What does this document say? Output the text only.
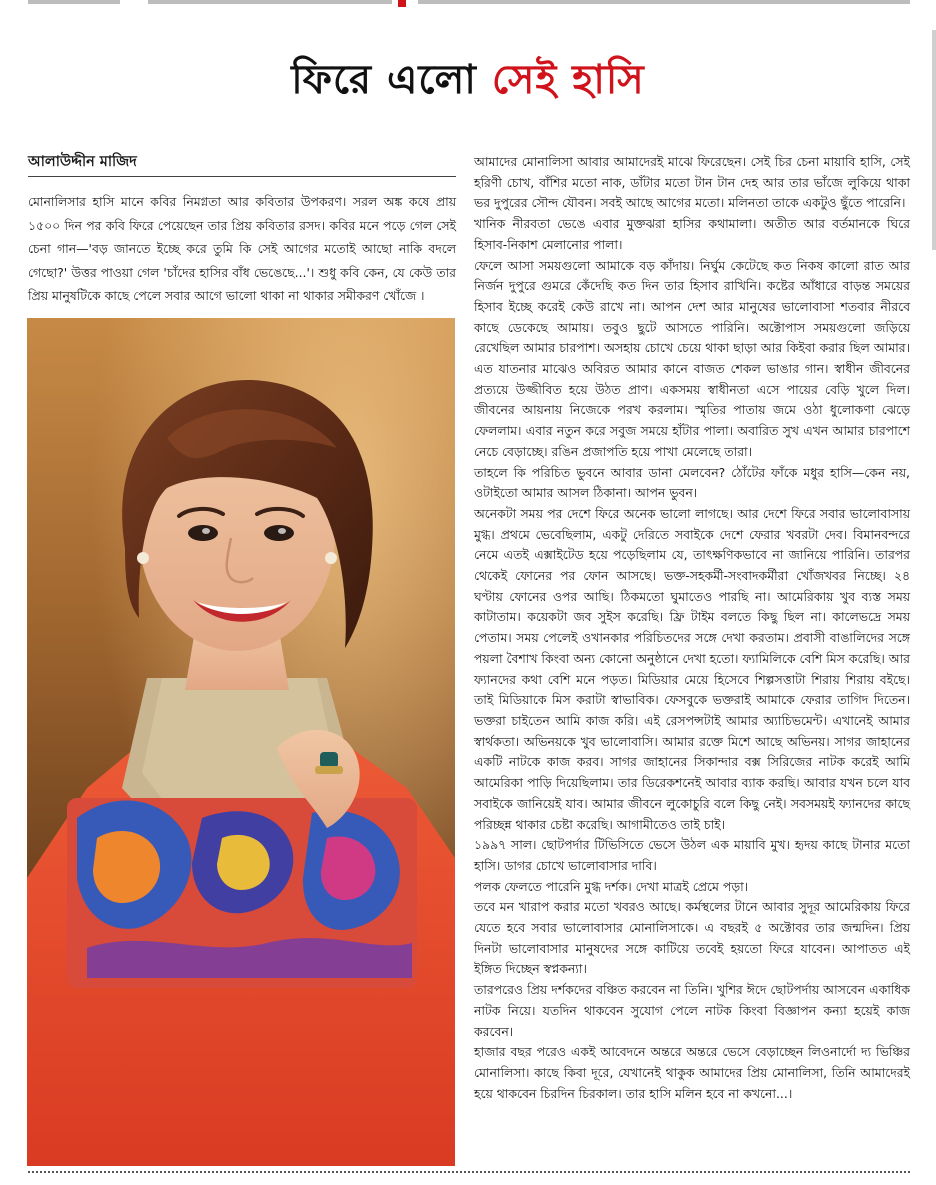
ফিরে এলো সেই হাসি
আলাউদ্দীন মাজিদ
মোনালিসার হাসি মানে কবির নিমগ্নতা আর কবিতার উপকরণ। সরল অঙ্ক কষে প্রায় ১৫০০ দিন পর কবি ফিরে পেয়েছেন তার প্রিয় কবিতার রসদ। কবির মনে পড়ে গেল সেই চেনা গান—'বড় জানতে ইচ্ছে করে তুমি কি সেই আগের মতোই আছো নাকি বদলে গেছো?' উত্তর পাওয়া গেল 'চাঁদের হাসির বাঁধ ভেঙেছে...'। শুধু কবি কেন, যে কেউ তার প্রিয় মানুষটিকে কাছে পেলে সবার আগে ভালো থাকা না থাকার সমীকরণ খোঁজে ।

আমাদের মোনালিসা আবার আমাদেরই মাঝে ফিরেছেন। সেই চির চেনা মায়াবি হাসি, সেই হরিণী চোখ, বাঁশির মতো নাক, ডাঁটার মতো টান টান দেহ আর তার ভাঁজে লুকিয়ে থাকা ভর দুপুরের সৌন্দ যৌবন। সবই আছে আগের মতো। মলিনতা তাকে একটুও ছুঁতে পারেনি।

খানিক নীরবতা ভেঙে এবার মুক্তঝরা হাসির কথামালা। অতীত আর বর্তমানকে ঘিরে হিসাব-নিকাশ মেলানোর পালা।

ফেলে আসা সময়গুলো আমাকে বড় কাঁদায়। নির্ঘুম কেটেছে কত নিকষ কালো রাত আর নির্জন দুপুরে গুমরে কেঁদেছি কত দিন তার হিসাব রাখিনি। কষ্টের আঁধারে বাড়ন্ত সময়ের হিসাব ইচ্ছে করেই কেউ রাখে না। আপন দেশ আর মানুষের ভালোবাসা শতবার নীরবে কাছে ডেকেছে আমায়। তবুও ছুটে আসতে পারিনি। অক্টোপাস সময়গুলো জড়িয়ে রেখেছিল আমার চারপাশ। অসহায় চোখে চেয়ে থাকা ছাড়া আর কিইবা করার ছিল আমার। এত যাতনার মাঝেও অবিরত আমার কানে বাজত শেকল ভাঙার গান। স্বাধীন জীবনের প্রত্যয়ে উজ্জীবিত হয়ে উঠত প্রাণ। একসময় স্বাধীনতা এসে পায়ের বেড়ি খুলে দিল। জীবনের আয়নায় নিজেকে পরখ করলাম। স্মৃতির পাতায় জমে ওঠা ধুলোকণা ঝেড়ে ফেললাম। এবার নতুন করে সবুজ সময়ে হাঁটার পালা। অবারিত সুখ এখন আমার চারপাশে নেচে বেড়াচ্ছে। রঙিন প্রজাপতি হয়ে পাখা মেলেছে তারা।

তাহলে কি পরিচিত ভুবনে আবার ডানা মেলবেন? ঠোঁটের ফাঁকে মধুর হাসি—কেন নয়, ওটাইতো আমার আসল ঠিকানা। আপন ভুবন।

অনেকটা সময় পর দেশে ফিরে অনেক ভালো লাগছে। আর দেশে ফিরে সবার ভালোবাসায় মুগ্ধ। প্রথমে ভেবেছিলাম, একটু দেরিতে সবাইকে দেশে ফেরার খবরটা দেব। বিমানবন্দরে নেমে এতই এক্সাইটেড হয়ে পড়েছিলাম যে, তাৎক্ষণিকভাবে না জানিয়ে পারিনি। তারপর থেকেই ফোনের পর ফোন আসছে। ভক্ত-সহকর্মী-সংবাদকর্মীরা খোঁজখবর নিচ্ছে। ২৪ ঘণ্টায় ফোনের ওপর আছি। ঠিকমতো ঘুমাতেও পারছি না। আমেরিকায় খুব ব্যস্ত সময় কাটাতাম। কয়েকটা জব সুইস করেছি। ফ্রি টাইম বলতে কিছু ছিল না। কালেভদ্রে সময় পেতাম। সময় পেলেই ওখানকার পরিচিতদের সঙ্গে দেখা করতাম। প্রবাসী বাঙালিদের সঙ্গে পয়লা বৈশাখ কিংবা অন্য কোনো অনুষ্ঠানে দেখা হতো। ফ্যামিলিকে বেশি মিস করেছি। আর ফ্যানদের কথা বেশি মনে পড়ত। মিডিয়ার মেয়ে হিসেবে শিল্পসত্তাটা শিরায় শিরায় বইছে। তাই মিডিয়াকে মিস করাটা স্বাভাবিক। ফেসবুকে ভক্তরাই আমাকে ফেরার তাগিদ দিতেন। ভক্তরা চাইতেন আমি কাজ করি। এই রেসপন্সটাই আমার অ্যাচিভমেন্ট। এখানেই আমার স্বার্থকতা। অভিনয়কে খুব ভালোবাসি। আমার রক্তে মিশে আছে অভিনয়। সাগর জাহানের একটি নাটকে কাজ করব। সাগর জাহানের সিকান্দার বক্স সিরিজের নাটক করেই আমি আমেরিকা পাড়ি দিয়েছিলাম। তার ডিরেকশনেই আবার ব্যাক করছি। আবার যখন চলে যাব সবাইকে জানিয়েই যাব। আমার জীবনে লুকোচুরি বলে কিছু নেই। সবসময়ই ফ্যানদের কাছে পরিচ্ছন্ন থাকার চেষ্টা করেছি। আগামীতেও তাই চাই।

১৯৯৭ সাল। ছোটপর্দার টিভিসিতে ভেসে উঠল এক মায়াবি মুখ। হৃদয় কাছে টানার মতো হাসি। ডাগর চোখে ভালোবাসার দাবি।

পলক ফেলতে পারেনি মুগ্ধ দর্শক। দেখা মাত্রই প্রেমে পড়া।

তবে মন খারাপ করার মতো খবরও আছে। কর্মস্থলের টানে আবার সুদূর আমেরিকায় ফিরে যেতে হবে সবার ভালোবাসার মোনালিসাকে। এ বছরই ৫ অক্টোবর তার জন্মদিন। প্রিয় দিনটা ভালোবাসার মানুষদের সঙ্গে কাটিয়ে তবেই হয়তো ফিরে যাবেন। আপাতত এই ইঙ্গিত দিচ্ছেন স্বপ্নকন্যা।

তারপরেও প্রিয় দর্শকদের বঞ্চিত করবেন না তিনি। খুশির ঈদে ছোটপর্দায় আসবেন একাধিক নাটক নিয়ে। যতদিন থাকবেন সুযোগ পেলে নাটক কিংবা বিজ্ঞাপন কন্যা হয়েই কাজ করবেন।

হাজার বছর পরেও একই আবেদনে অন্তরে অন্তরে ভেসে বেড়াচ্ছেন লিওনার্দো দ্য ভিঞ্চির মোনালিসা। কাছে কিবা দূরে, যেখানেই থাকুক আমাদের প্রিয় মোনালিসা, তিনি আমাদেরই হয়ে থাকবেন চিরদিন চিরকাল। তার হাসি মলিন হবে না কখনো...।
